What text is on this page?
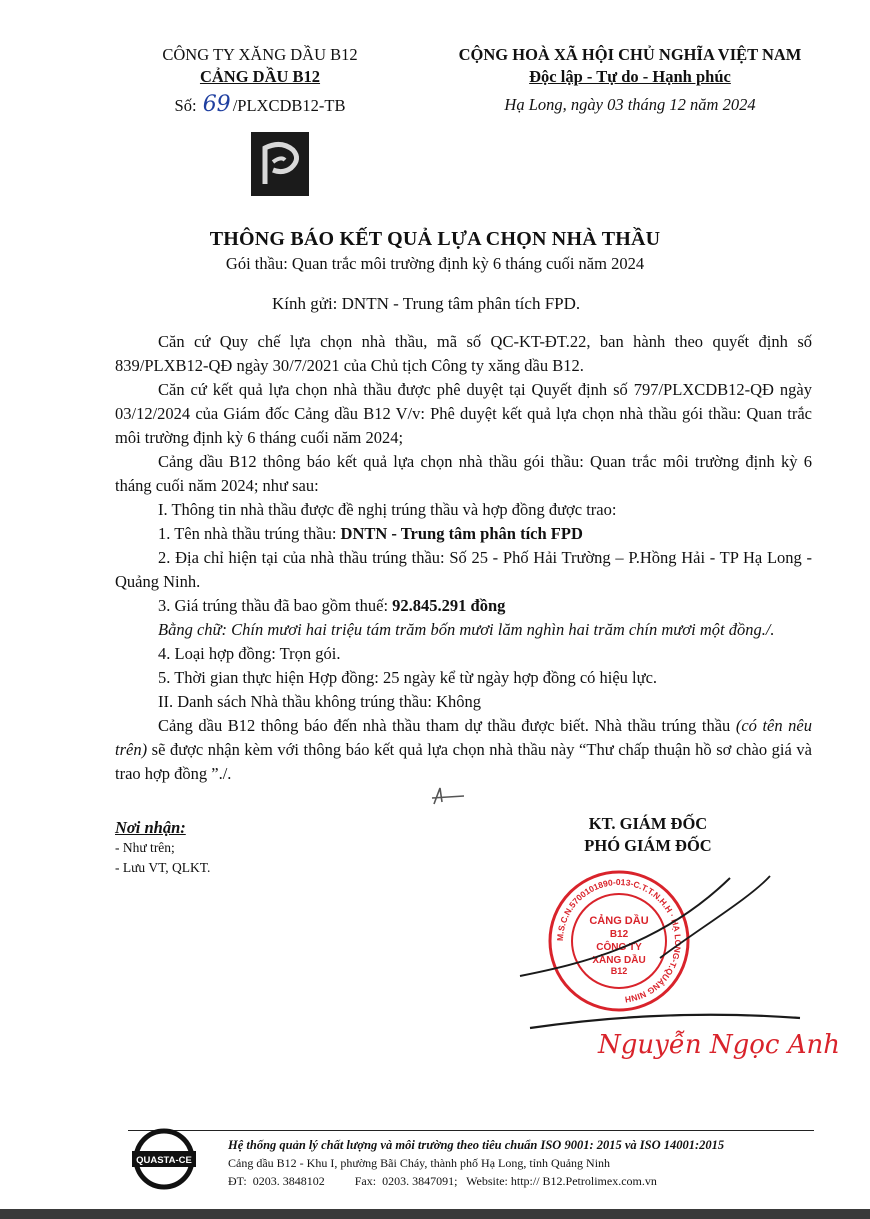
CÔNG TY XĂNG DẦU B12
CẢNG DẦU B12
Số: 69 /PLXCDB12-TB
CỘNG HOÀ XÃ HỘI CHỦ NGHĨA VIỆT NAM
Độc lập - Tự do - Hạnh phúc
Hạ Long, ngày 03 tháng 12 năm 2024
THÔNG BÁO KẾT QUẢ LỰA CHỌN NHÀ THẦU
Gói thầu: Quan trắc môi trường định kỳ 6 tháng cuối năm 2024
Kính gửi: DNTN - Trung tâm phân tích FPD.

Căn cứ Quy chế lựa chọn nhà thầu, mã số QC-KT-ĐT.22, ban hành theo quyết định số 839/PLXB12-QĐ ngày 30/7/2021 của Chủ tịch Công ty xăng dầu B12.

Căn cứ kết quả lựa chọn nhà thầu được phê duyệt tại Quyết định số 797/PLXCDB12-QĐ ngày 03/12/2024 của Giám đốc Cảng dầu B12 V/v: Phê duyệt kết quả lựa chọn nhà thầu gói thầu: Quan trắc môi trường định kỳ 6 tháng cuối năm 2024;

Cảng dầu B12 thông báo kết quả lựa chọn nhà thầu gói thầu: Quan trắc môi trường định kỳ 6 tháng cuối năm 2024; như sau:

I. Thông tin nhà thầu được đề nghị trúng thầu và hợp đồng được trao:

1. Tên nhà thầu trúng thầu: DNTN - Trung tâm phân tích FPD

2. Địa chỉ hiện tại của nhà thầu trúng thầu: Số 25 - Phố Hải Trường – P.Hồng Hải - TP Hạ Long - Quảng Ninh.

3. Giá trúng thầu đã bao gồm thuế: 92.845.291 đồng

Bằng chữ: Chín mươi hai triệu tám trăm bốn mươi lăm nghìn hai trăm chín mươi một đồng./.

4. Loại hợp đồng: Trọn gói.

5. Thời gian thực hiện Hợp đồng: 25 ngày kể từ ngày hợp đồng có hiệu lực.

II. Danh sách Nhà thầu không trúng thầu: Không

Cảng dầu B12 thông báo đến nhà thầu tham dự thầu được biết. Nhà thầu trúng thầu (có tên nêu trên) sẽ được nhận kèm với thông báo kết quả lựa chọn nhà thầu này “Thư chấp thuận hồ sơ chào giá và trao hợp đồng ”./.

Nơi nhận:
- Như trên;
- Lưu VT, QLKT.
KT. GIÁM ĐỐC
PHÓ GIÁM ĐỐC
CẢNG DẦU
B12
CÔNG TY
XĂNG DẦU
B12
M.S.C.N.5700101890-013-C.T.T.N.H.H · HẠ LONG-T.QUẢNG NINH
Nguyễn Ngọc Anh
QUASTA-CE
Hệ thống quản lý chất lượng và môi trường theo tiêu chuẩn ISO 9001: 2015 và ISO 14001:2015
Cảng dầu B12 - Khu I, phường Bãi Cháy, thành phố Hạ Long, tỉnh Quảng Ninh
ĐT:  0203. 3848102          Fax:  0203. 3847091;   Website: http:// B12.Petrolimex.com.vn
